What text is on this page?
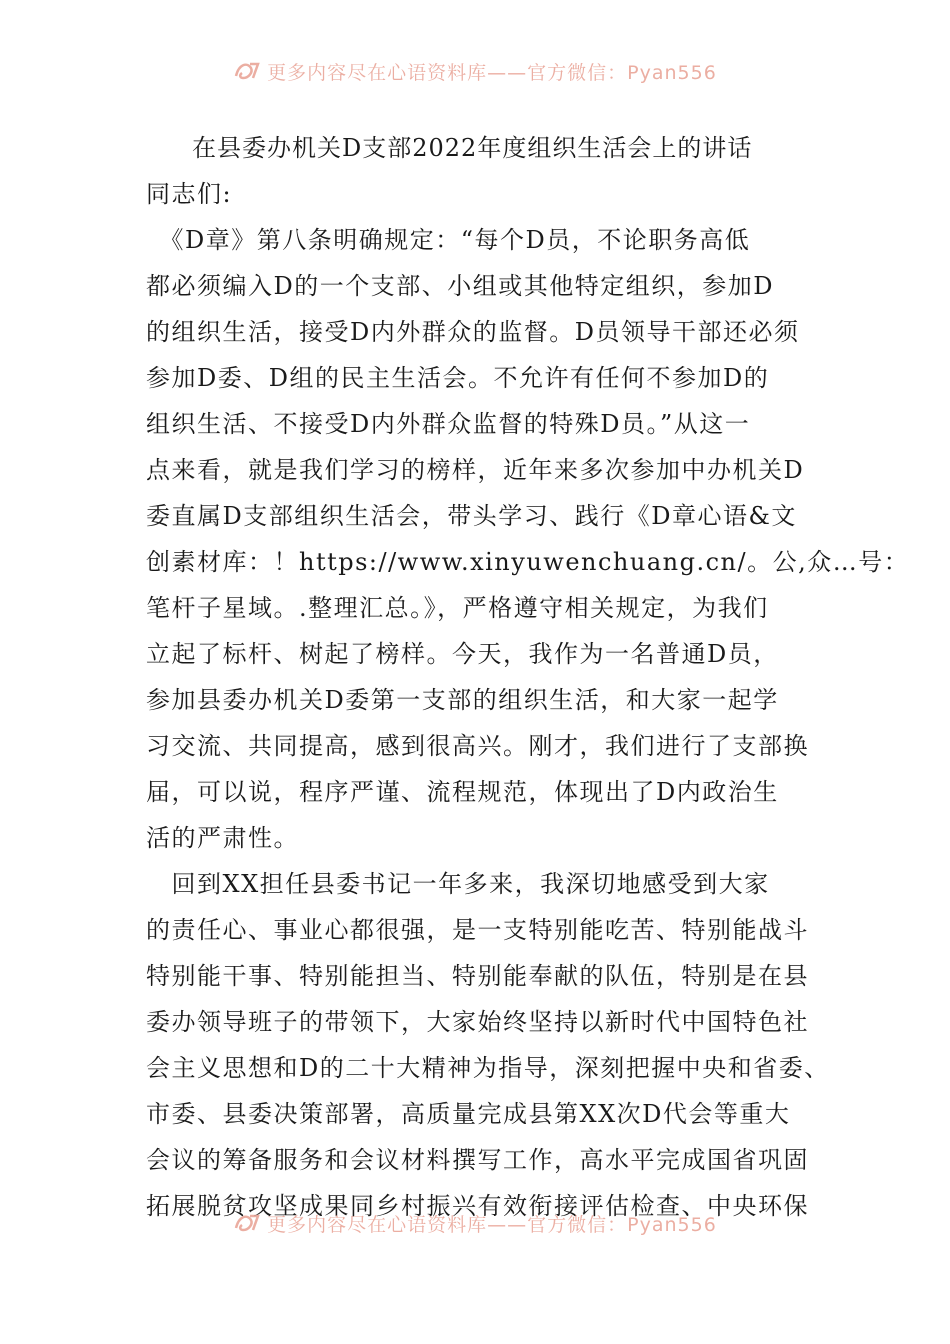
更多内容尽在心语资料库——官方微信：Pyan556
在县委办机关D支部2022年度组织生活会上的讲话
同志们:
　《D章》第八条明确规定：“每个D员，不论职务高低
都必须编入D的一个支部、小组或其他特定组织，参加D
的组织生活，接受D内外群众的监督。D员领导干部还必须
参加D委、D组的民主生活会。不允许有任何不参加D的
组织生活、不接受D内外群众监督的特殊D员。”从这一
点来看，就是我们学习的榜样，近年来多次参加中办机关D
委直属D支部组织生活会，带头学习、践行《D章心语&文
创素材库：！https://www.xinyuwenchuang.cn/。公,众…号：
笔杆子星域。.整理汇总。》，严格遵守相关规定，为我们
立起了标杆、树起了榜样。今天，我作为一名普通D员，
参加县委办机关D委第一支部的组织生活，和大家一起学
习交流、共同提高，感到很高兴。刚才，我们进行了支部换
届，可以说，程序严谨、流程规范，体现出了D内政治生
活的严肃性。
　回到XX担任县委书记一年多来，我深切地感受到大家
的责任心、事业心都很强，是一支特别能吃苦、特别能战斗
特别能干事、特别能担当、特别能奉献的队伍，特别是在县
委办领导班子的带领下，大家始终坚持以新时代中国特色社
会主义思想和D的二十大精神为指导，深刻把握中央和省委、
市委、县委决策部署，高质量完成县第XX次D代会等重大
会议的筹备服务和会议材料撰写工作，高水平完成国省巩固
拓展脱贫攻坚成果同乡村振兴有效衔接评估检查、中央环保
更多内容尽在心语资料库——官方微信：Pyan556
